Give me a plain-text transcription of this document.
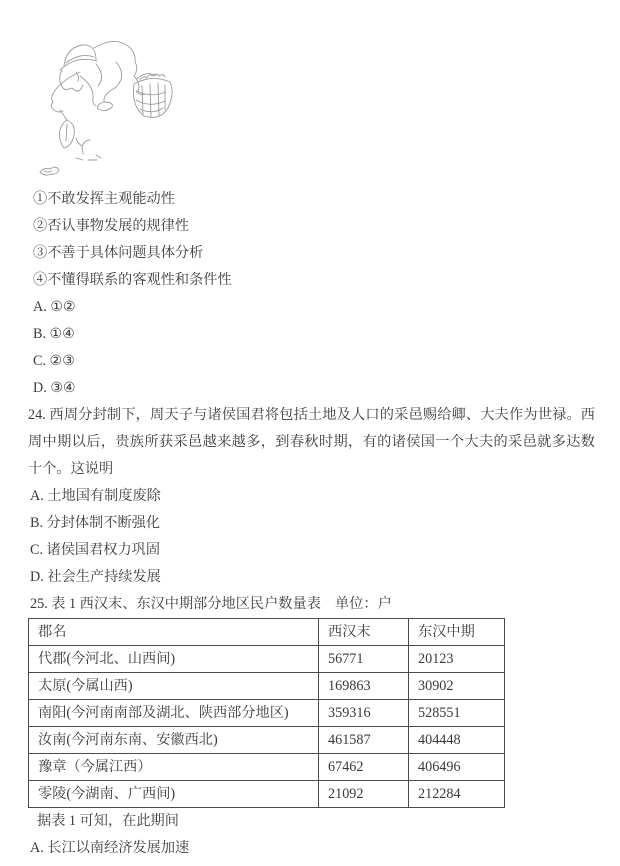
①不敢发挥主观能动性
②否认事物发展的规律性
③不善于具体问题具体分析
④不懂得联系的客观性和条件性
A. ①②
B. ①④
C. ②③
D. ③④

24. 西周分封制下，周天子与诸侯国君将包括土地及人口的采邑赐给卿、大夫作为世禄。西周中期以后，贵族所获采邑越来越多，到春秋时期，有的诸侯国一个大夫的采邑就多达数十个。这说明

A. 土地国有制度废除
B. 分封体制不断强化
C. 诸侯国君权力巩固
D. 社会生产持续发展
25. 表 1 西汉末、东汉中期部分地区民户数量表　单位：户
郡名	西汉末	东汉中期
代郡(今河北、山西间)	56771	20123
太原(今属山西)	169863	30902
南阳(今河南南部及湖北、陕西部分地区)	359316	528551
汝南(今河南东南、安徽西北)	461587	404448
豫章（今属江西）	67462	406496
零陵(今湖南、广西间)	21092	212284
据表 1 可知，在此期间
A. 长江以南经济发展加速
